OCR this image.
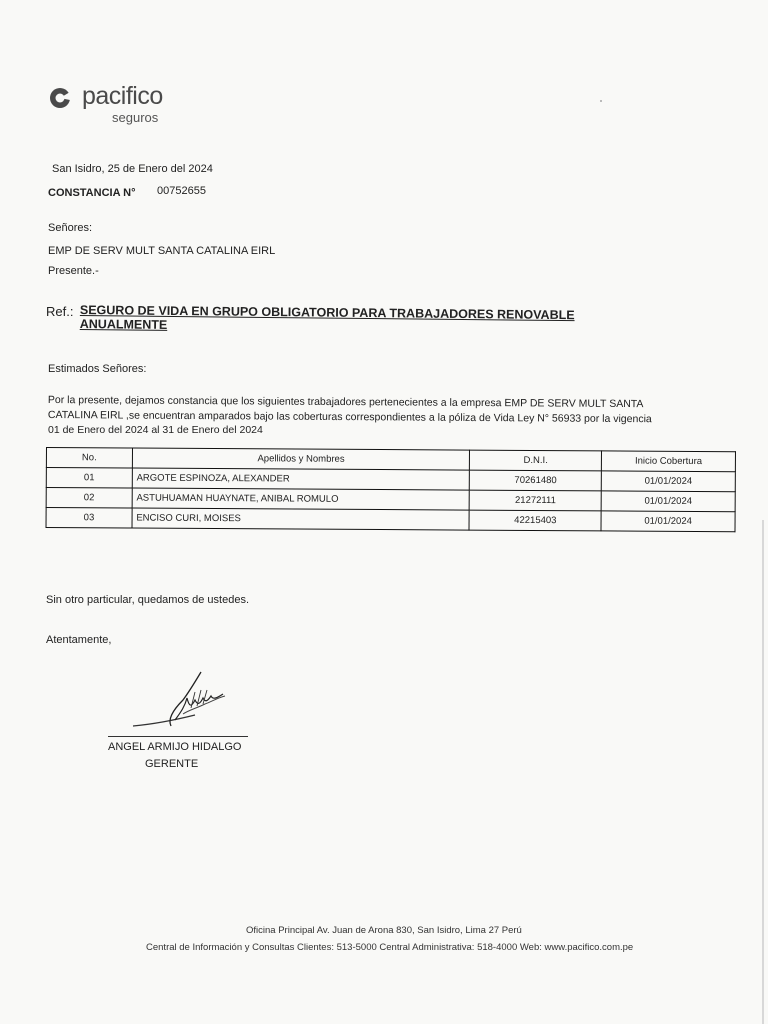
pacifico
seguros
San Isidro, 25 de Enero del 2024
CONSTANCIA N° 00752655
Señores:
EMP DE SERV MULT SANTA CATALINA EIRL
Presente.-
Ref.: SEGURO DE VIDA EN GRUPO OBLIGATORIO PARA TRABAJADORES RENOVABLE ANUALMENTE
Estimados Señores:
Por la presente, dejamos constancia que los siguientes trabajadores pertenecientes a la empresa EMP DE SERV MULT SANTA
CATALINA EIRL ,se encuentran amparados bajo las coberturas correspondientes a la póliza de Vida Ley N° 56933 por la vigencia
01 de Enero del 2024 al 31 de Enero del 2024
No.	Apellidos y Nombres	D.N.I.	Inicio Cobertura
01	ARGOTE ESPINOZA, ALEXANDER	70261480	01/01/2024
02	ASTUHUAMAN HUAYNATE, ANIBAL ROMULO	21272111	01/01/2024
03	ENCISO CURI, MOISES	42215403	01/01/2024
Sin otro particular, quedamos de ustedes.
Atentamente,
ANGEL ARMIJO HIDALGO
GERENTE
Oficina Principal Av. Juan de Arona 830, San Isidro, Lima 27 Perú
Central de Información y Consultas Clientes: 513-5000 Central Administrativa: 518-4000 Web: www.pacifico.com.pe
